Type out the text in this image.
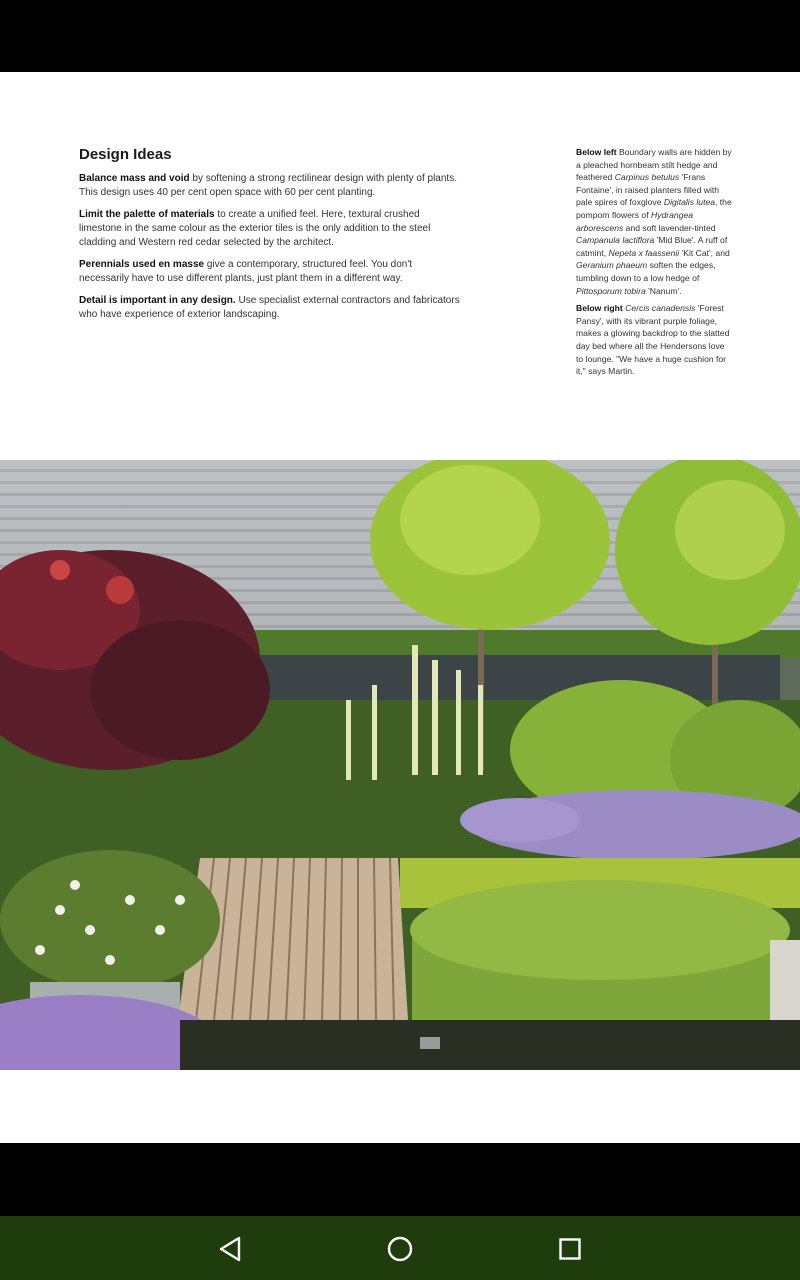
Design Ideas

Balance mass and void by softening a strong rectilinear design with plenty of plants. This design uses 40 per cent open space with 60 per cent planting.

Limit the palette of materials to create a unified feel. Here, textural crushed limestone in the same colour as the exterior tiles is the only addition to the steel cladding and Western red cedar selected by the architect.

Perennials used en masse give a contemporary, structured feel. You don't necessarily have to use different plants, just plant them in a different way.

Detail is important in any design. Use specialist external contractors and fabricators who have experience of exterior landscaping.

Below left Boundary walls are hidden by a pleached hornbeam stilt hedge and feathered Carpinus betulus 'Frans Fontaine', in raised planters filled with pale spires of foxglove Digitalis lutea, the pompom flowers of Hydrangea arborescens and soft lavender-tinted Campanula lactiflora 'Mid Blue'. A ruff of catmint, Nepeta x faassenii 'Kit Cat', and Geranium phaeum soften the edges, tumbling down to a low hedge of Pittosporum tobira 'Nanum'.

Below right Cercis canadensis 'Forest Pansy', with its vibrant purple foliage, makes a glowing backdrop to the slatted day bed where all the Hendersons love to lounge. "We have a huge cushion for it," says Martin.
